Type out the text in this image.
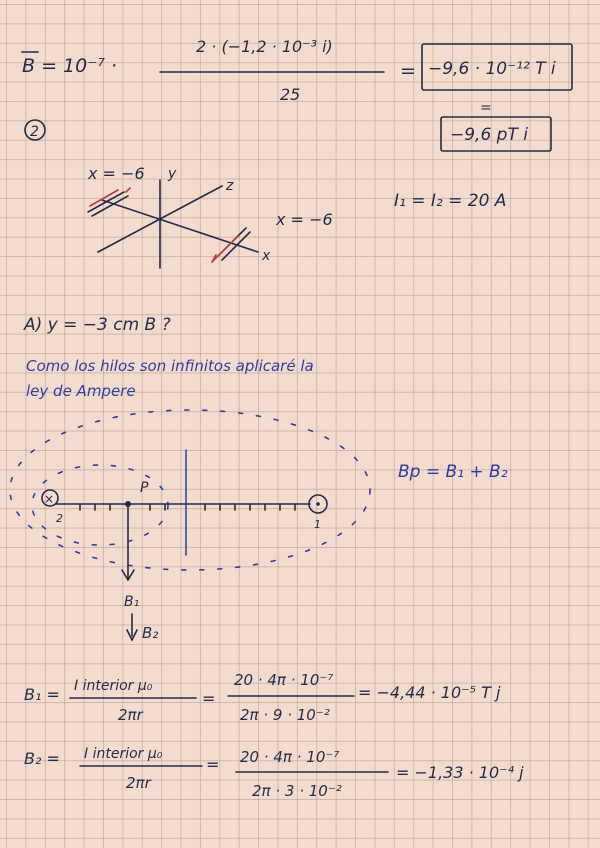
B = 10⁻⁷ ·
2 · (−1,2 · 10⁻³ i)
25
= −9,6 · 10⁻¹² T i
=
−9,6 pT i
2
y
z
x
x = −6
x = −6
I₁ = I₂ = 20 A
A) y = −3 cm B ?
Como los hilos son infinitos aplicaré la
ley de Ampere
×
2	1
P
B₁
B₂
Bp = B₁ + B₂
B₁ = I interior μ₀
2πr
=
20 · 4π · 10⁻⁷
2π · 9 · 10⁻²
= −4,44 · 10⁻⁵ T j
B₂ = I interior μ₀
2πr
= 20 · 4π · 10⁻⁷
2π · 3 · 10⁻²
= −1,33 · 10⁻⁴ j
